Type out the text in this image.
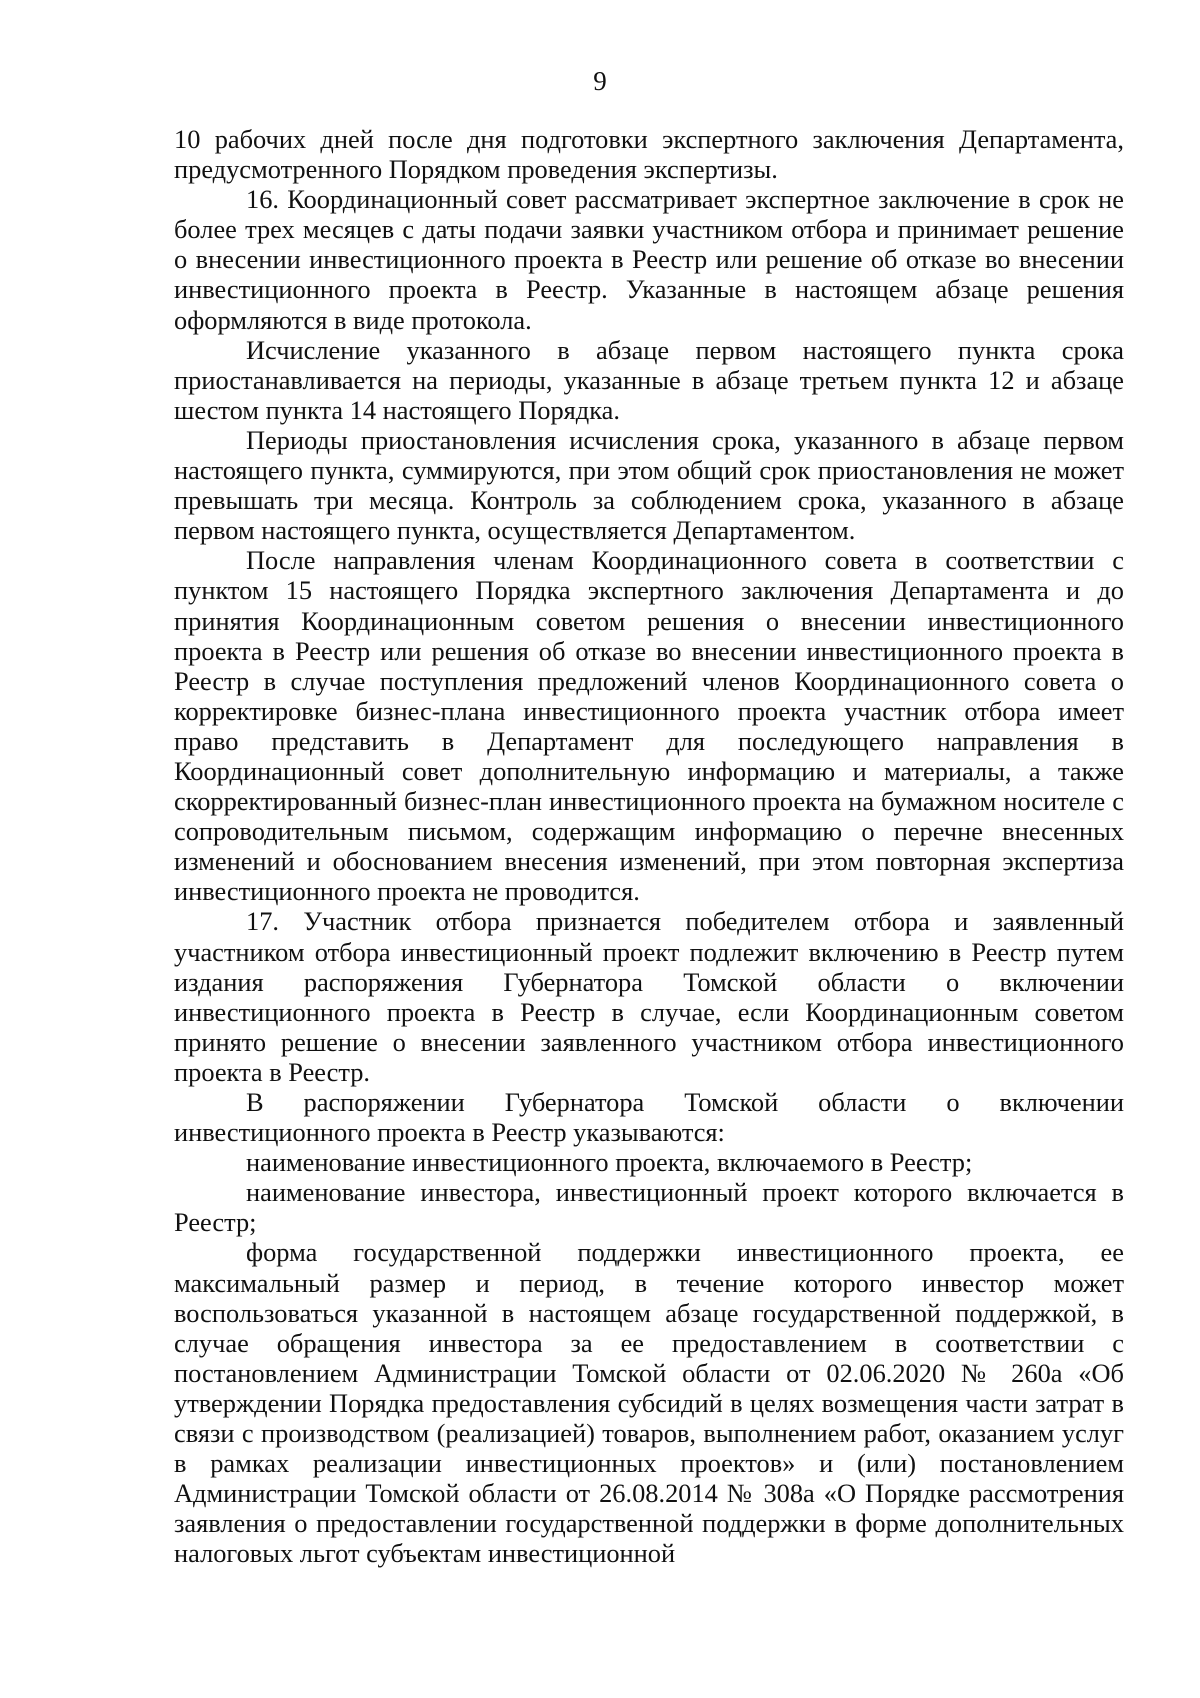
9

10 рабочих дней после дня подготовки экспертного заключения Департамента, предусмотренного Порядком проведения экспертизы.

16. Координационный совет рассматривает экспертное заключение в срок не более трех месяцев с даты подачи заявки участником отбора и принимает решение о внесении инвестиционного проекта в Реестр или решение об отказе во внесении инвестиционного проекта в Реестр. Указанные в настоящем абзаце решения оформляются в виде протокола.

Исчисление указанного в абзаце первом настоящего пункта срока приостанавливается на периоды, указанные в абзаце третьем пункта 12 и абзаце шестом пункта 14 настоящего Порядка.

Периоды приостановления исчисления срока, указанного в абзаце первом настоящего пункта, суммируются, при этом общий срок приостановления не может превышать три месяца. Контроль за соблюдением срока, указанного в абзаце первом настоящего пункта, осуществляется Департаментом.

После направления членам Координационного совета в соответствии с пунктом 15 настоящего Порядка экспертного заключения Департамента и до принятия Координационным советом решения о внесении инвестиционного проекта в Реестр или решения об отказе во внесении инвестиционного проекта в Реестр в случае поступления предложений членов Координационного совета о корректировке бизнес-плана инвестиционного проекта участник отбора имеет право представить в Департамент для последующего направления в Координационный совет дополнительную информацию и материалы, а также скорректированный бизнес-план инвестиционного проекта на бумажном носителе с сопроводительным письмом, содержащим информацию о перечне внесенных изменений и обоснованием внесения изменений, при этом повторная экспертиза инвестиционного проекта не проводится.

17. Участник отбора признается победителем отбора и заявленный участником отбора инвестиционный проект подлежит включению в Реестр путем издания распоряжения Губернатора Томской области о включении инвестиционного проекта в Реестр в случае, если Координационным советом принято решение о внесении заявленного участником отбора инвестиционного проекта в Реестр.

В распоряжении Губернатора Томской области о включении инвестиционного проекта в Реестр указываются:

наименование инвестиционного проекта, включаемого в Реестр;

наименование инвестора, инвестиционный проект которого включается в Реестр;

форма государственной поддержки инвестиционного проекта, ее максимальный размер и период, в течение которого инвестор может воспользоваться указанной в настоящем абзаце государственной поддержкой, в случае обращения инвестора за ее предоставлением в соответствии с постановлением Администрации Томской области от 02.06.2020 № 260а «Об утверждении Порядка предоставления субсидий в целях возмещения части затрат в связи с производством (реализацией) товаров, выполнением работ, оказанием услуг в рамках реализации инвестиционных проектов» и (или) постановлением Администрации Томской области от 26.08.2014 № 308а «О Порядке рассмотрения заявления о предоставлении государственной поддержки в форме дополнительных налоговых льгот субъектам инвестиционной
